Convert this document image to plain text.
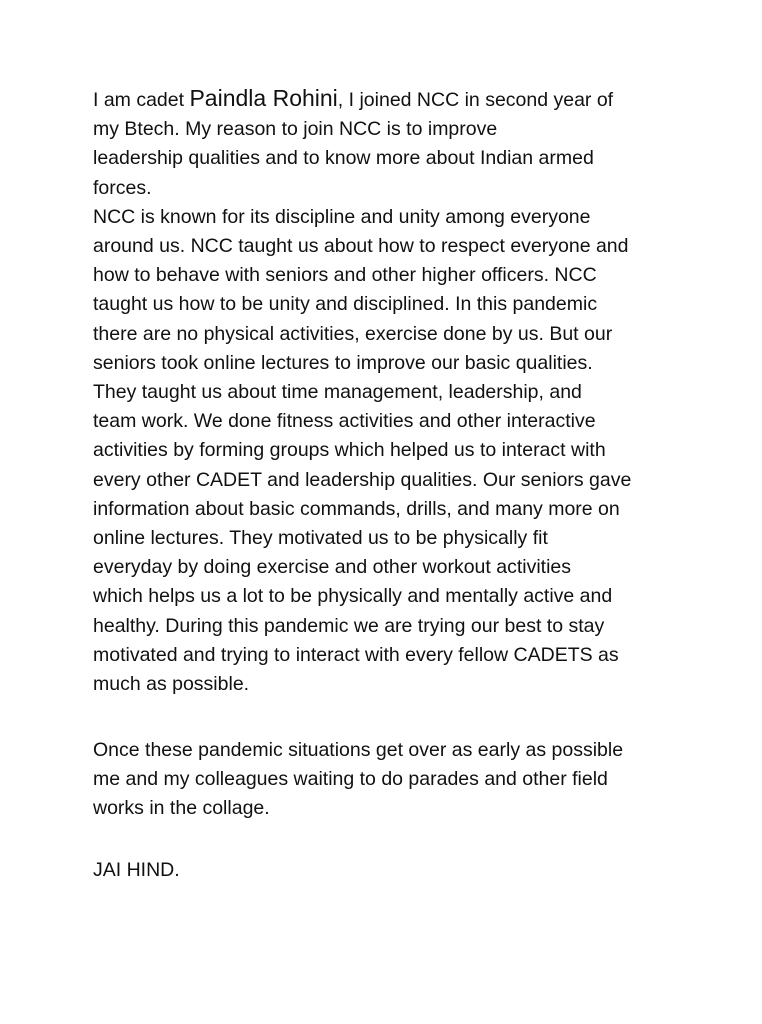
I am cadet Paindla Rohini, I joined NCC in second year of
my Btech. My reason to join NCC is to improve
leadership qualities and to know more about Indian armed
forces.
NCC is known for its discipline and unity among everyone
around us. NCC taught us about how to respect everyone and
how to behave with seniors and other higher officers. NCC
taught us how to be unity and disciplined. In this pandemic
there are no physical activities, exercise done by us. But our
seniors took online lectures to improve our basic qualities.
They taught us about time management, leadership, and
team work. We done fitness activities and other interactive
activities by forming groups which helped us to interact with
every other CADET and leadership qualities. Our seniors gave
information about basic commands, drills, and many more on
online lectures. They motivated us to be physically fit
everyday by doing exercise and other workout activities
which helps us a lot to be physically and mentally active and
healthy. During this pandemic we are trying our best to stay
motivated and trying to interact with every fellow CADETS as
much as possible.
Once these pandemic situations get over as early as possible
me and my colleagues waiting to do parades and other field
works in the collage.
JAI HIND.
